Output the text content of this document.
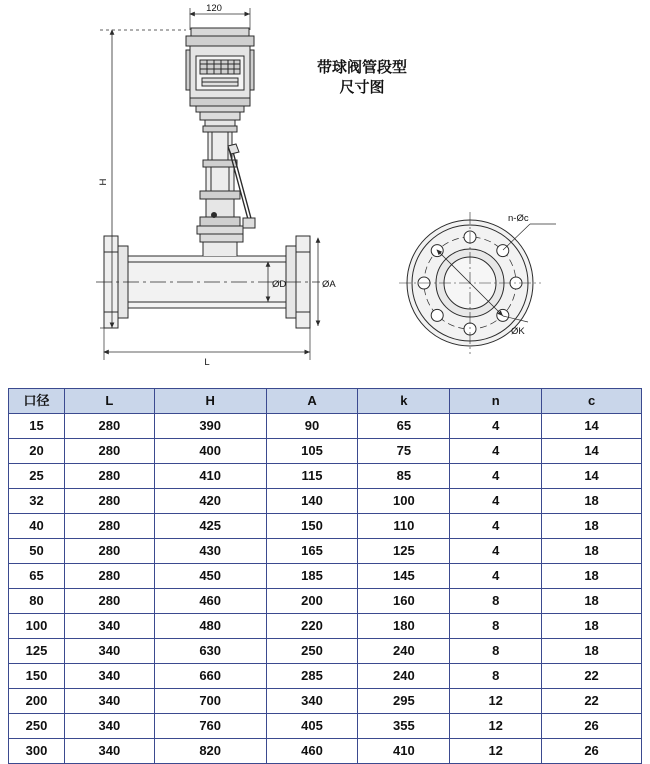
120
H
L
ØD	ØA
n-Øc
ØK
带球阀管段型
尺寸图
口径	L	H	A	k	n	c
15	280	390	90	65	4	14
20	280	400	105	75	4	14
25	280	410	115	85	4	14
32	280	420	140	100	4	18
40	280	425	150	110	4	18
50	280	430	165	125	4	18
65	280	450	185	145	4	18
80	280	460	200	160	8	18
100	340	480	220	180	8	18
125	340	630	250	240	8	18
150	340	660	285	240	8	22
200	340	700	340	295	12	22
250	340	760	405	355	12	26
300	340	820	460	410	12	26
